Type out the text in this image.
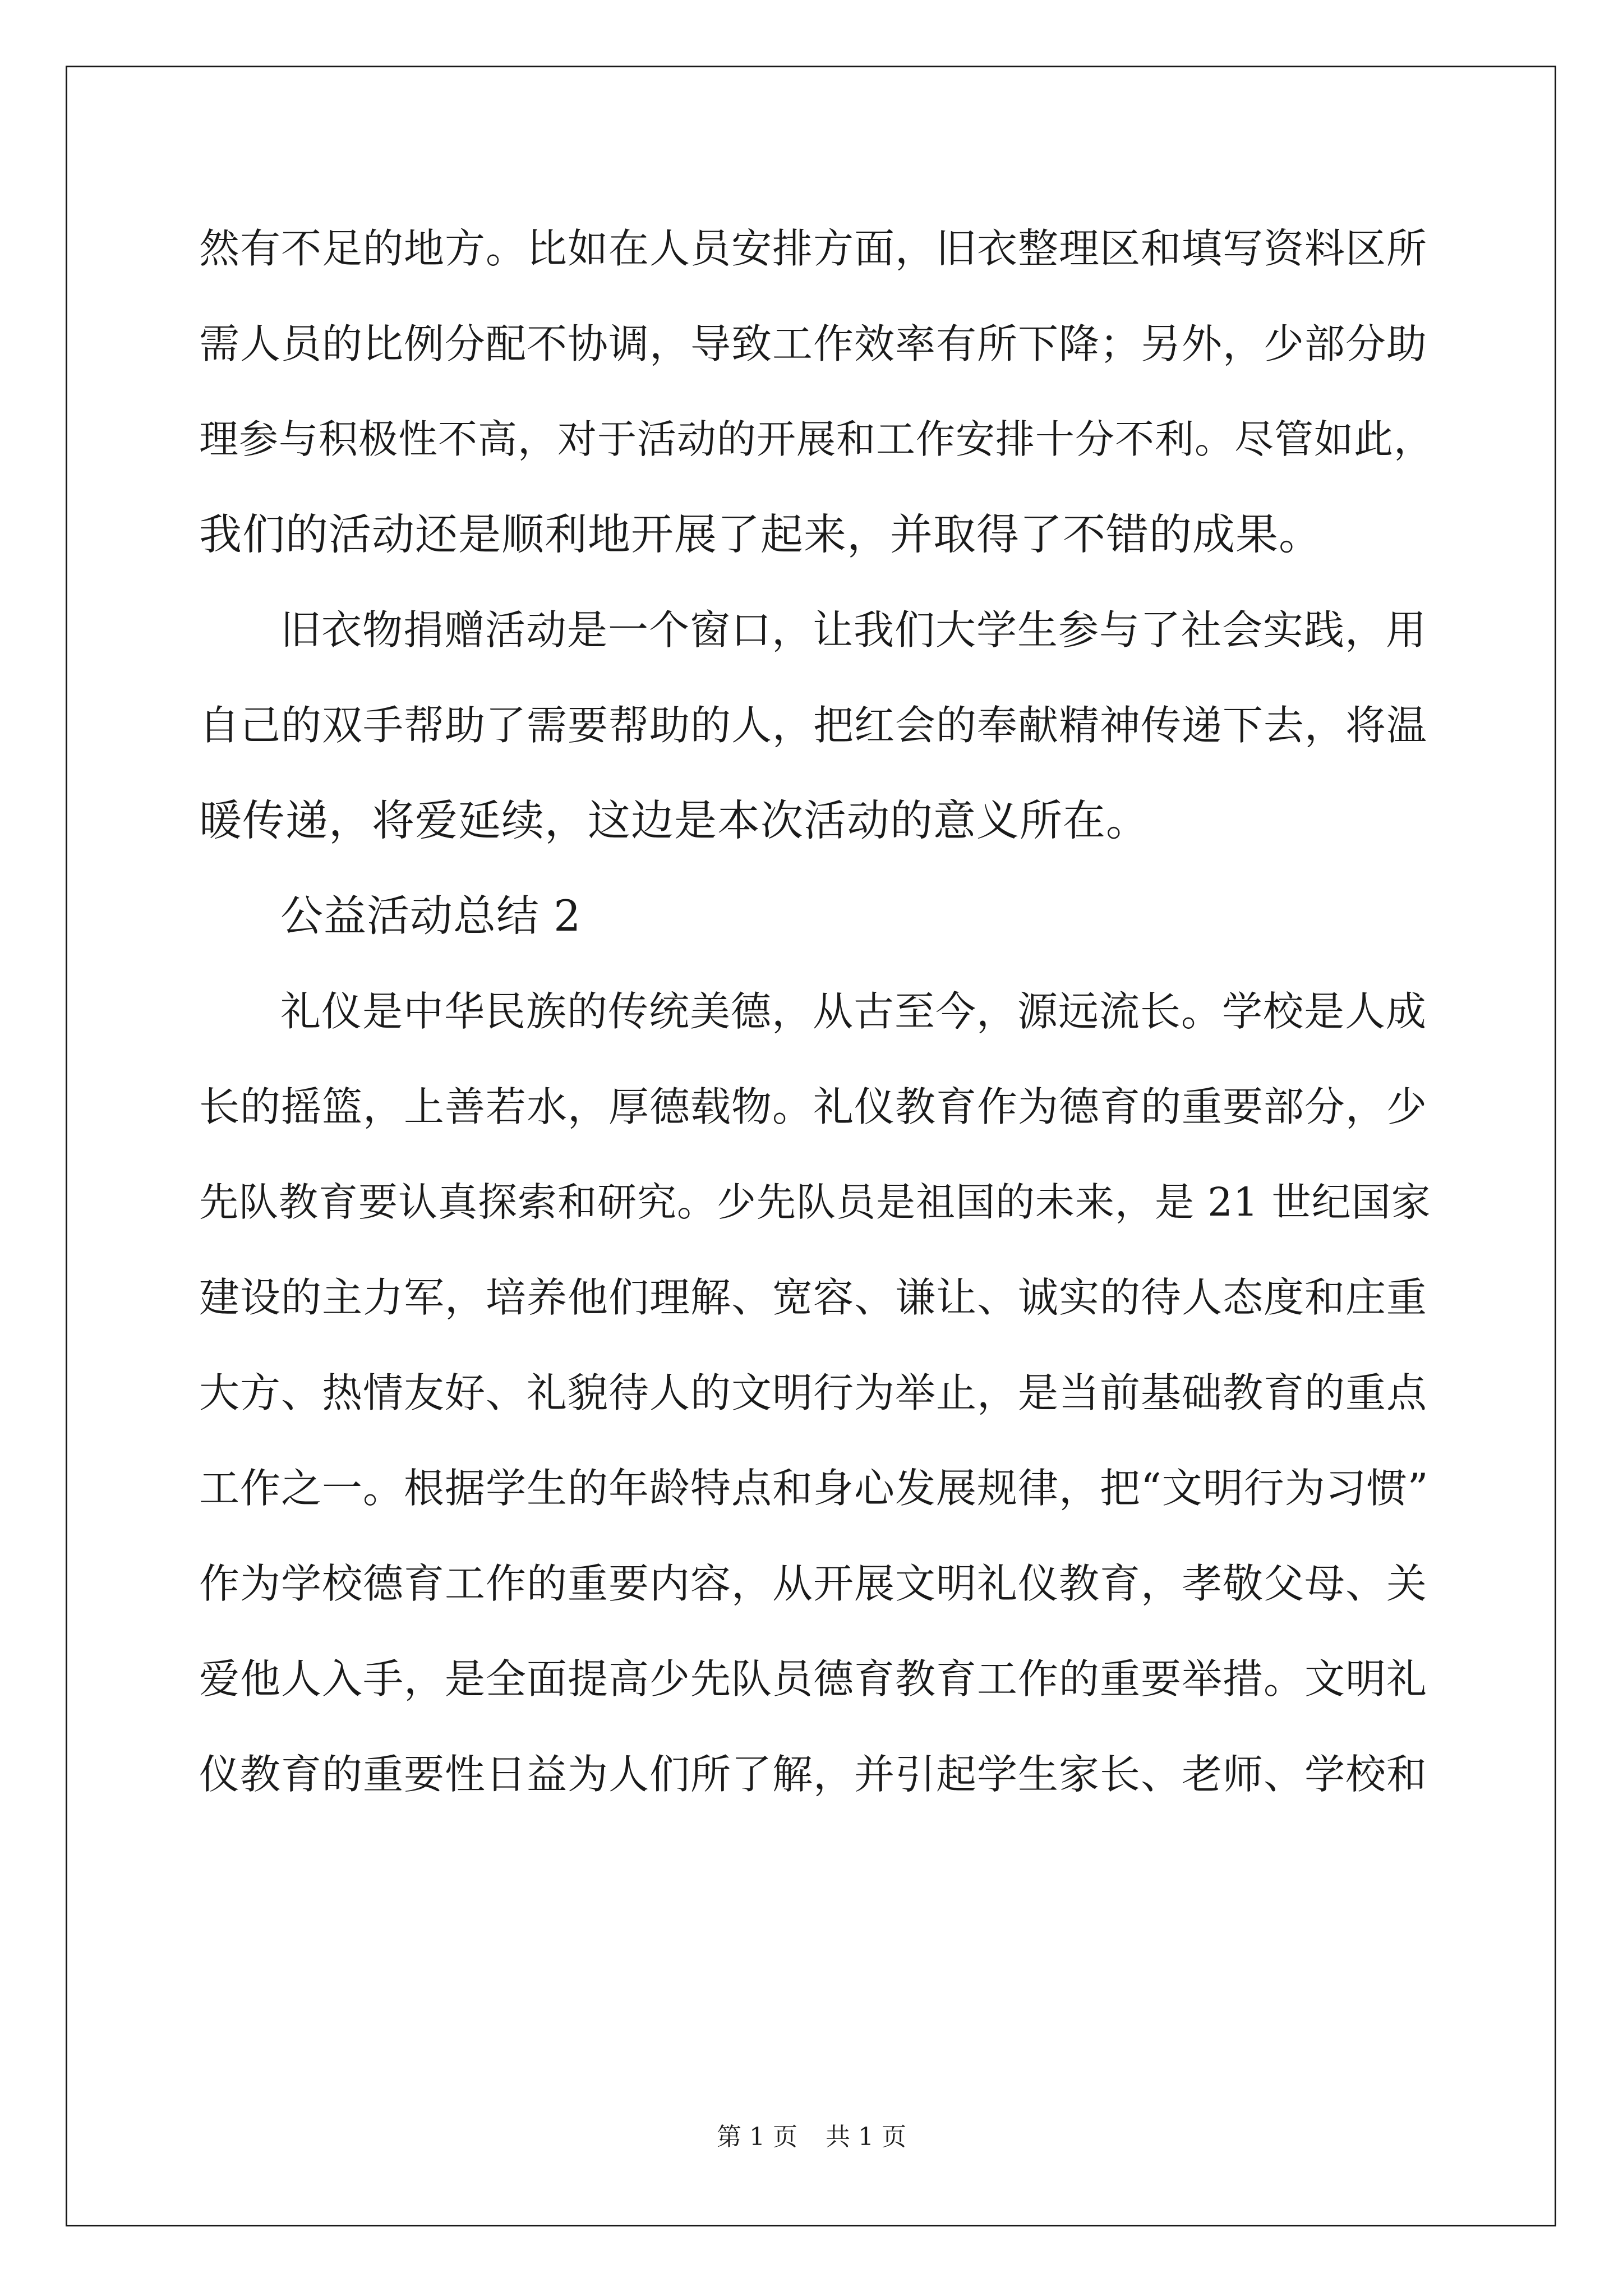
然有不足的地方。比如在人员安排方面，旧衣整理区和填写资料区所
需人员的比例分配不协调，导致工作效率有所下降；另外，少部分助
理参与积极性不高，对于活动的开展和工作安排十分不利。尽管如此，
我们的活动还是顺利地开展了起来，并取得了不错的成果。
旧衣物捐赠活动是一个窗口，让我们大学生参与了社会实践，用
自己的双手帮助了需要帮助的人，把红会的奉献精神传递下去，将温
暖传递，将爱延续，这边是本次活动的意义所在。
公益活动总结 2
礼仪是中华民族的传统美德，从古至今，源远流长。学校是人成
长的摇篮，上善若水，厚德载物。礼仪教育作为德育的重要部分，少
先队教育要认真探索和研究。少先队员是祖国的未来，是 21 世纪国家
建设的主力军，培养他们理解、宽容、谦让、诚实的待人态度和庄重
大方、热情友好、礼貌待人的文明行为举止，是当前基础教育的重点
工作之一。根据学生的年龄特点和身心发展规律，把“文明行为习惯”
作为学校德育工作的重要内容，从开展文明礼仪教育，孝敬父母、关
爱他人入手，是全面提高少先队员德育教育工作的重要举措。文明礼
仪教育的重要性日益为人们所了解，并引起学生家长、老师、学校和
第 1 页 共 1 页
